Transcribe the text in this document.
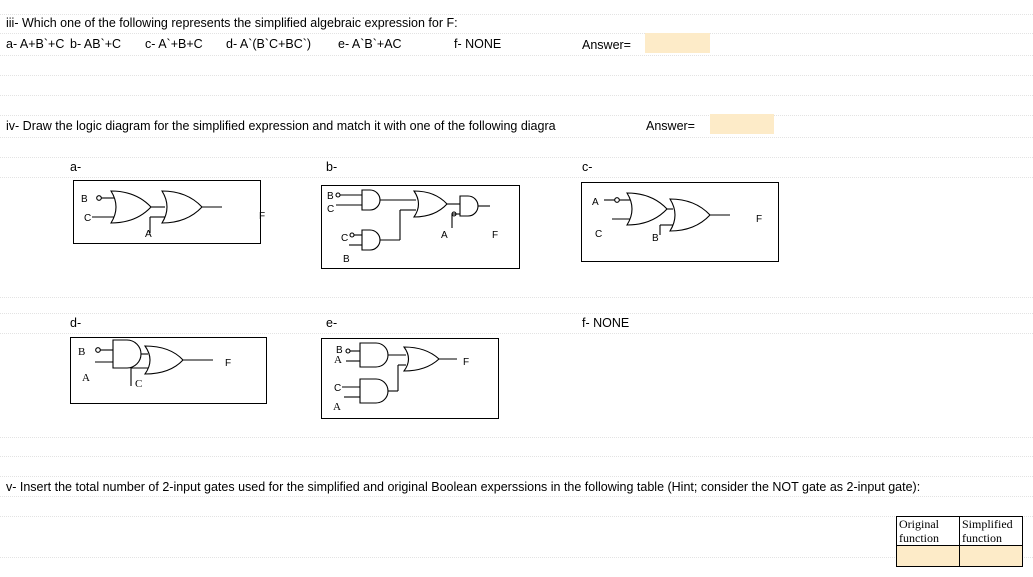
iii- Which one of the following represents the simplified algebraic expression for F:
a- A+B`+C b- AB`+C c- A`+B+C d- A`(B`C+BC`) e- A`B`+AC	f- NONE	Answer=
iv- Draw the logic diagram for the simplified expression and match it with one of the following diagra	Answer=
a-	b-	c-
d-	e-	f- NONE
B
C
A
F
B
C
C
B
A	F
A
C	B
F
B
A	C
F
B
A
C
A
F
v- Insert the total number of 2-input gates used for the simplified and original Boolean experssions in the following table (Hint; consider the NOT gate as 2-input gate):
Original function	Simplified function
